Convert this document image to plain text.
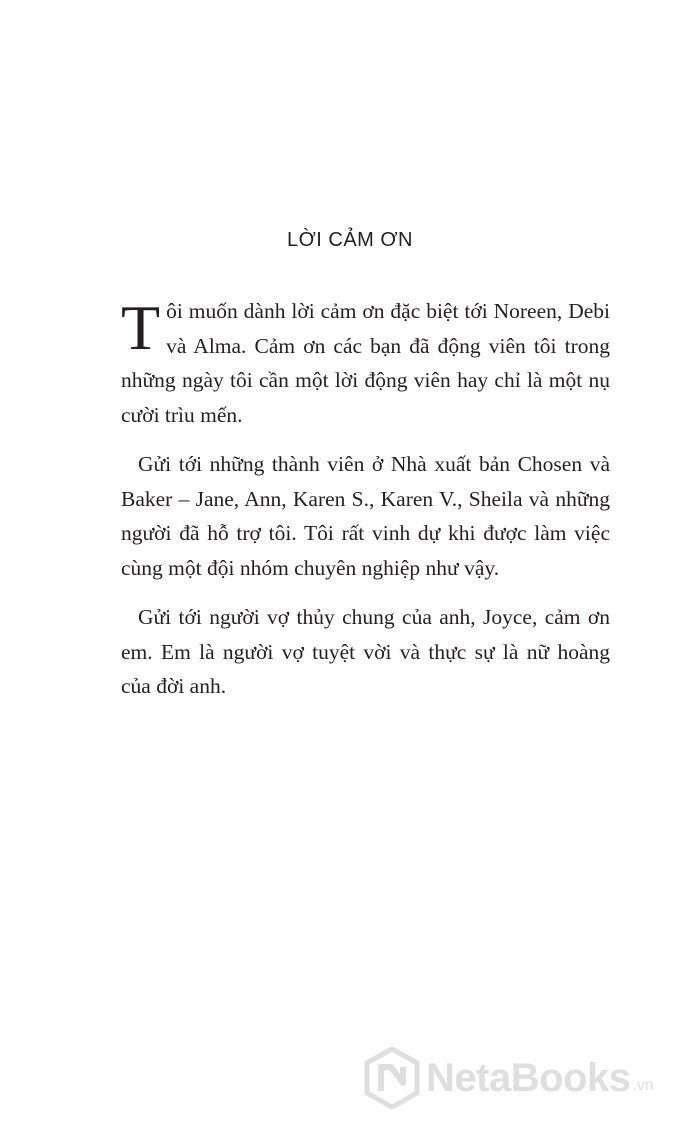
LỜI CẢM ƠN

Tôi muốn dành lời cảm ơn đặc biệt tới Noreen, Debi và Alma. Cảm ơn các bạn đã động viên tôi trong những ngày tôi cần một lời động viên hay chỉ là một nụ cười trìu mến.

Gửi tới những thành viên ở Nhà xuất bản Chosen và Baker – Jane, Ann, Karen S., Karen V., Sheila và những người đã hỗ trợ tôi. Tôi rất vinh dự khi được làm việc cùng một đội nhóm chuyên nghiệp như vậy.

Gửi tới người vợ thủy chung của anh, Joyce, cảm ơn em. Em là người vợ tuyệt vời và thực sự là nữ hoàng của đời anh.

NetaBooks .vn
